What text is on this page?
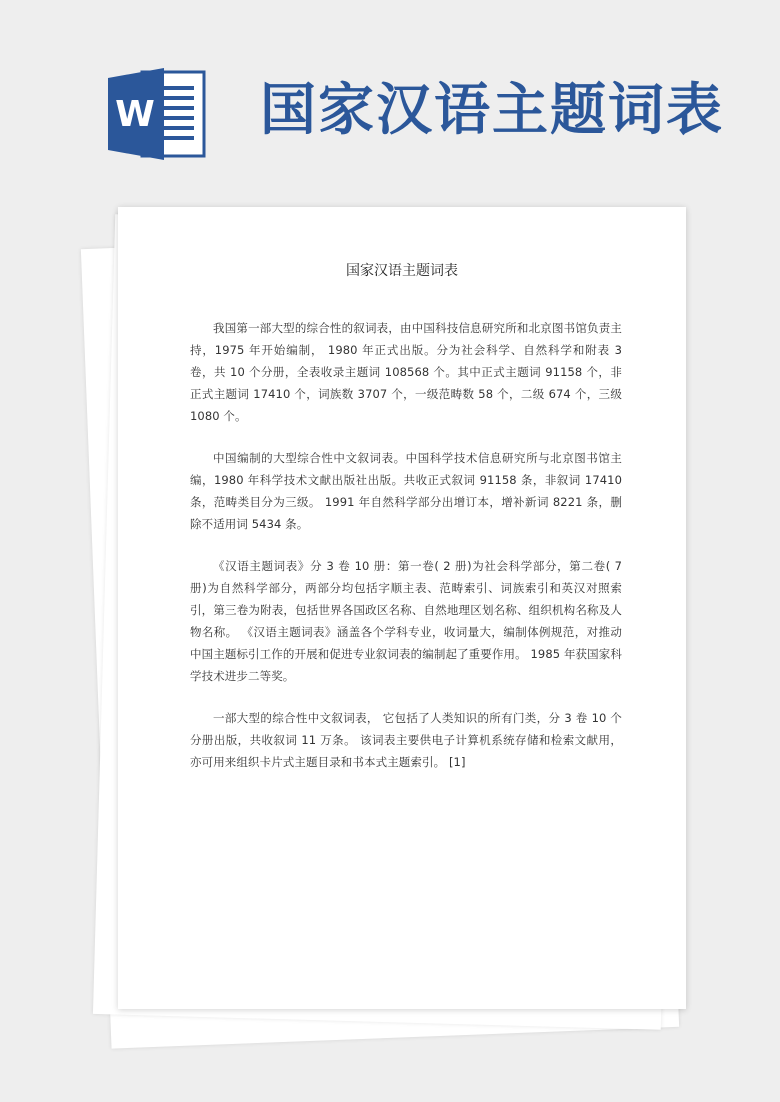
W 国家汉语主题词表
国家汉语主题词表

我国第一部大型的综合性的叙词表，由中国科技信息研究所和北京图书馆负责主持，1975 年开始编制， 1980 年正式出版。分为社会科学、自然科学和附表 3 卷，共 10 个分册，全表收录主题词 108568 个。其中正式主题词 91158 个，非正式主题词 17410 个，词族数 3707 个，一级范畴数 58 个，二级 674 个，三级 1080 个。

中国编制的大型综合性中文叙词表。中国科学技术信息研究所与北京图书馆主编，1980 年科学技术文献出版社出版。共收正式叙词 91158 条，非叙词 17410 条，范畴类目分为三级。 1991 年自然科学部分出增订本，增补新词 8221 条，删除不适用词 5434 条。

《汉语主题词表》分 3 卷 10 册：第一卷( 2 册)为社会科学部分，第二卷( 7 册)为自然科学部分，两部分均包括字顺主表、范畴索引、词族索引和英汉对照索引，第三卷为附表，包括世界各国政区名称、自然地理区划名称、组织机构名称及人物名称。 《汉语主题词表》涵盖各个学科专业，收词量大，编制体例规范，对推动中国主题标引工作的开展和促进专业叙词表的编制起了重要作用。 1985 年获国家科学技术进步二等奖。

一部大型的综合性中文叙词表， 它包括了人类知识的所有门类，分 3 卷 10 个分册出版，共收叙词 11 万条。 该词表主要供电子计算机系统存储和检索文献用， 亦可用来组织卡片式主题目录和书本式主题索引。 [1]
